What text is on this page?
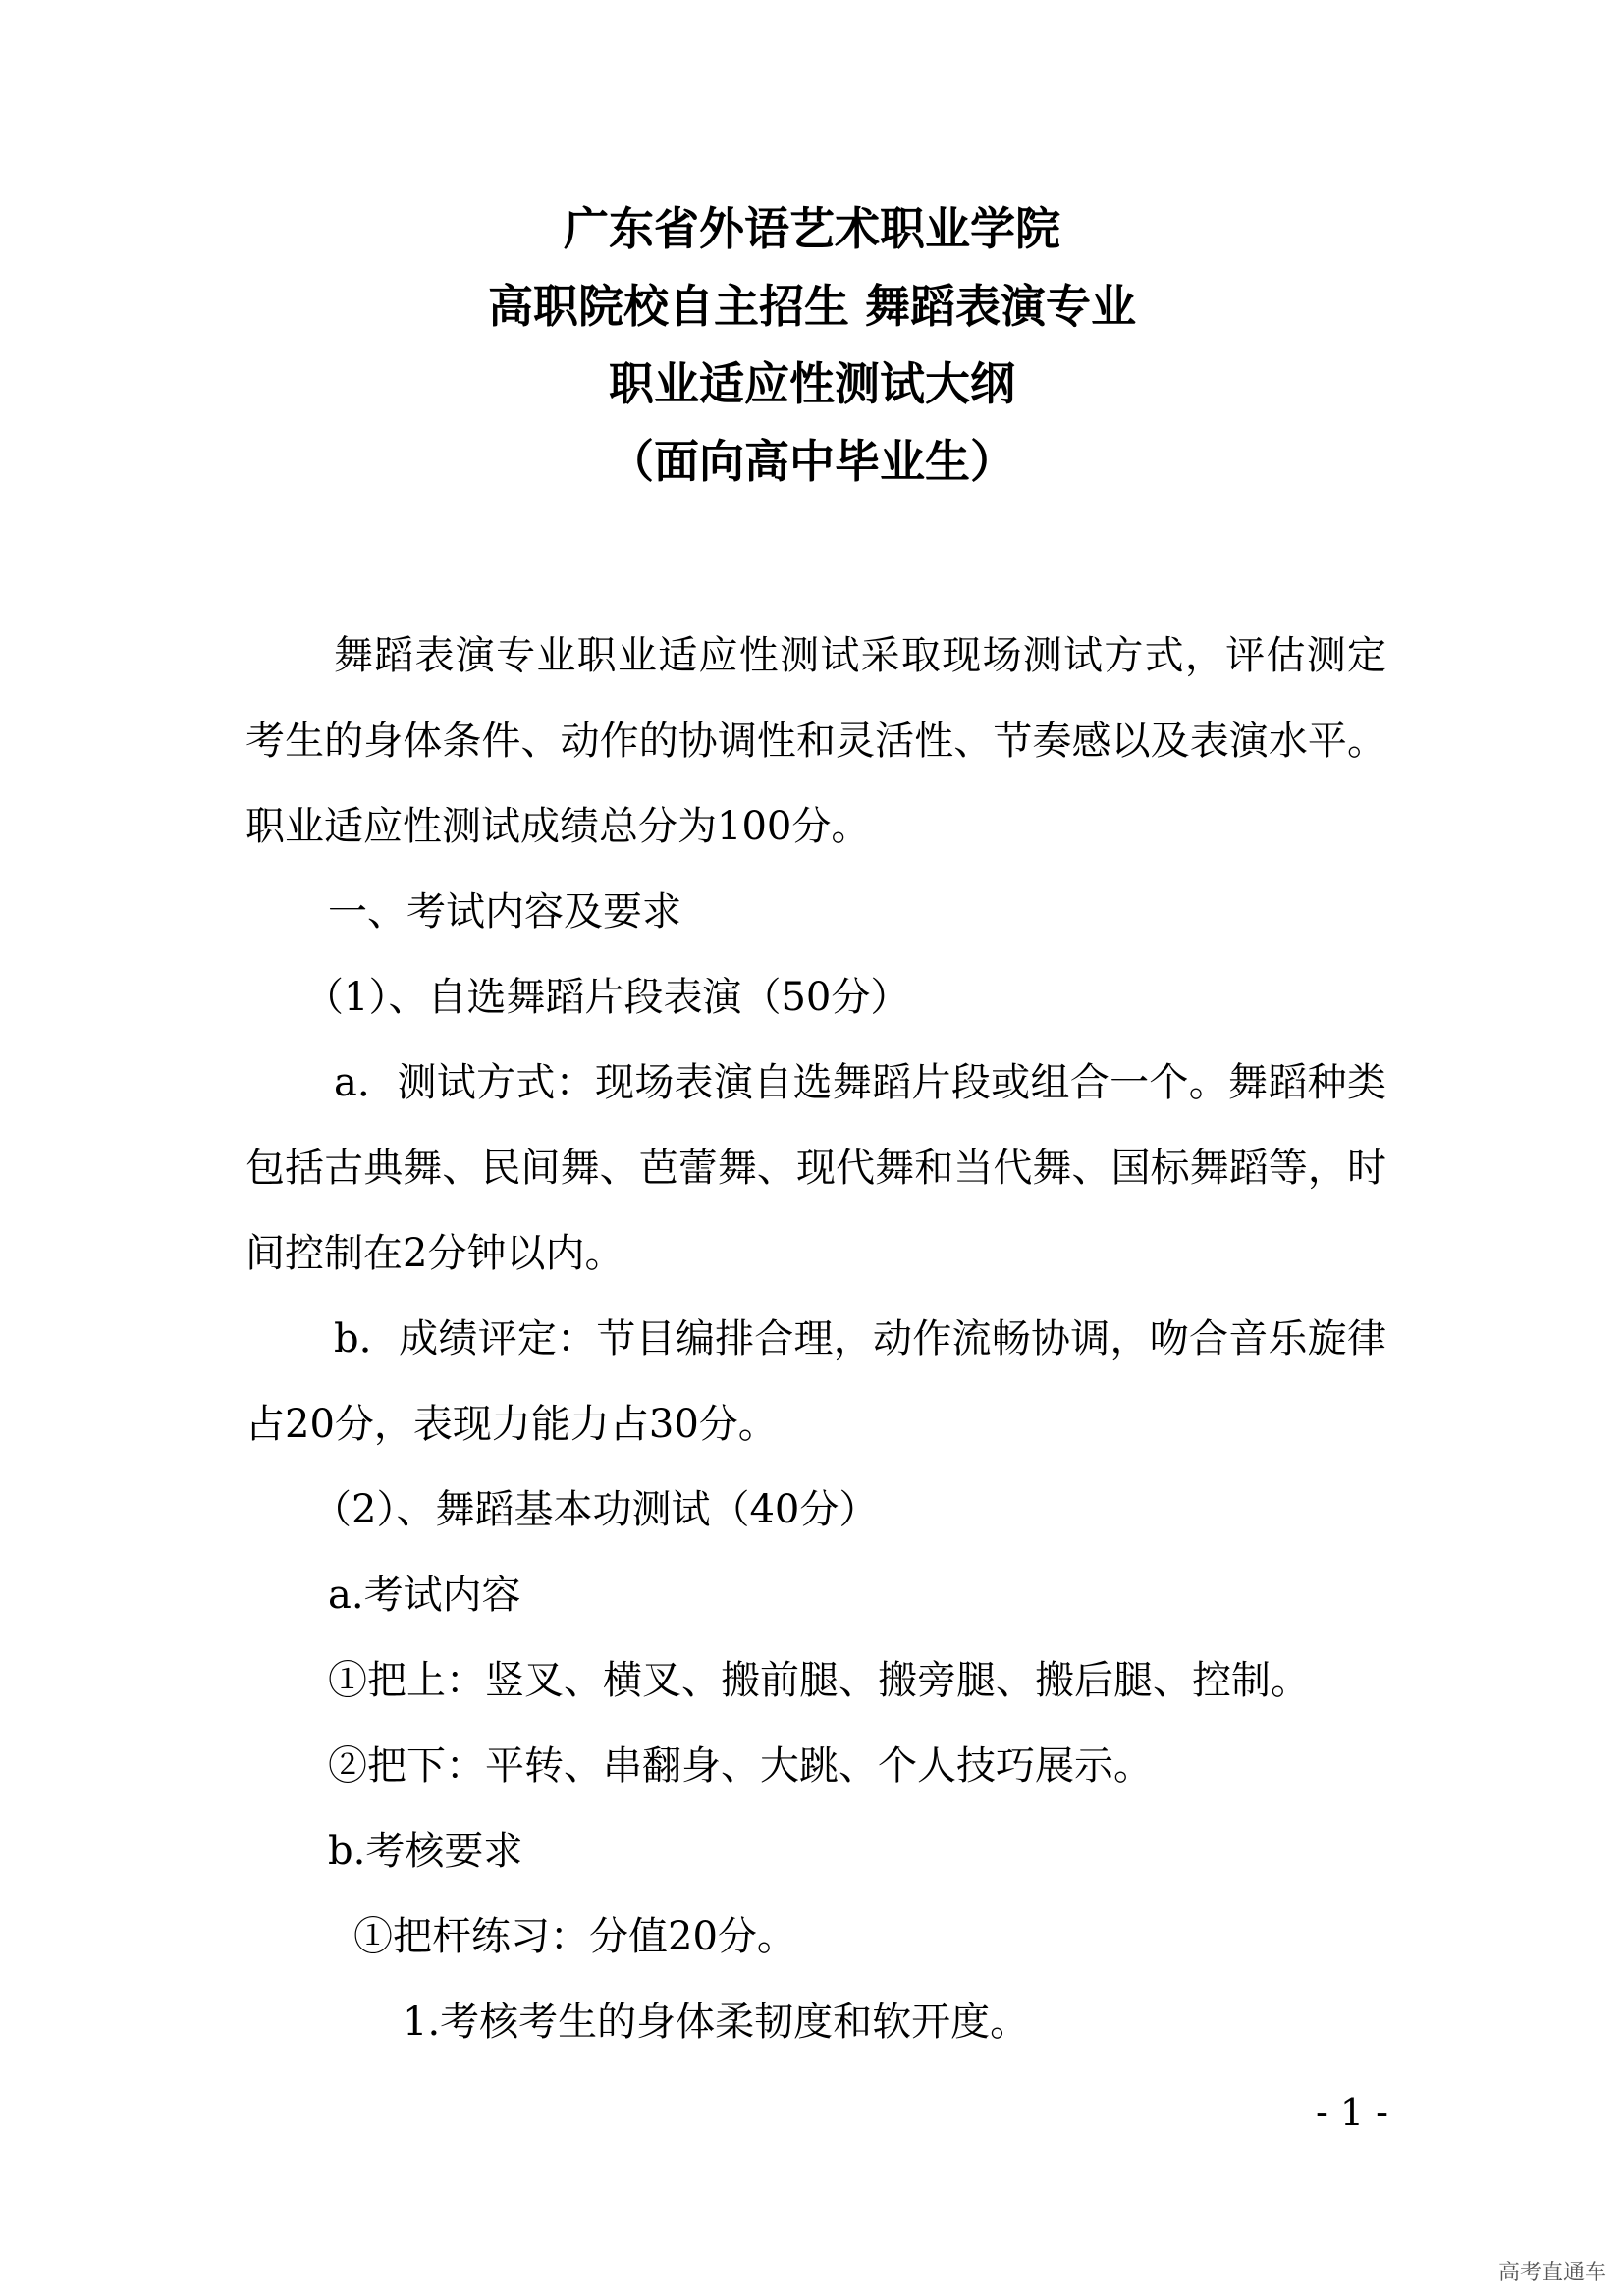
广东省外语艺术职业学院
高职院校自主招生 舞蹈表演专业
职业适应性测试大纲
（面向高中毕业生）

舞蹈表演专业职业适应性测试采取现场测试方式，评估测定考生的身体条件、动作的协调性和灵活性、节奏感以及表演水平。职业适应性测试成绩总分为100分。

一、考试内容及要求

（1）、自选舞蹈片段表演（50分）

a．测试方式：现场表演自选舞蹈片段或组合一个。舞蹈种类包括古典舞、民间舞、芭蕾舞、现代舞和当代舞、国标舞蹈等，时间控制在2分钟以内。

b．成绩评定：节目编排合理，动作流畅协调，吻合音乐旋律占20分，表现力能力占30分。

（2）、舞蹈基本功测试（40分）

a.考试内容

①把上：竖叉、横叉、搬前腿、搬旁腿、搬后腿、控制。

②把下：平转、串翻身、大跳、个人技巧展示。

b.考核要求

①把杆练习：分值20分。

1.考核考生的身体柔韧度和软开度。

- 1 -
高考直通车
